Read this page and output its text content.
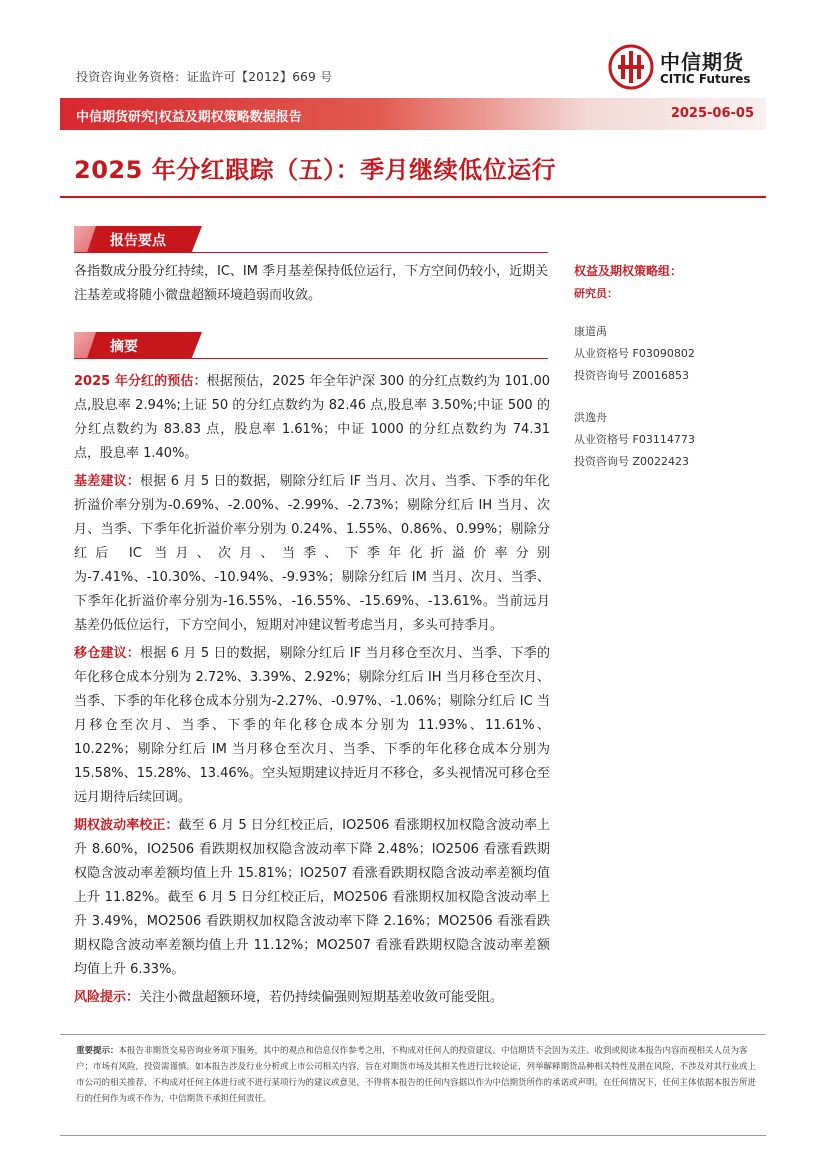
投资咨询业务资格：证监许可【2012】669 号
中信期货
CITIC Futures
中信期货研究|权益及期权策略数据报告	2025-06-05
2025 年分红跟踪（五）：季月继续低位运行
报告要点
各指数成分股分红持续，IC、IM 季月基差保持低位运行，下方空间仍较小，近期关注基差或将随小微盘超额环境趋弱而收敛。
摘要

2025 年分红的预估：根据预估，2025 年全年沪深 300 的分红点数约为 101.00 点,股息率 2.94%;上证 50 的分红点数约为 82.46 点,股息率 3.50%;中证 500 的分红点数约为 83.83 点，股息率 1.61%；中证 1000 的分红点数约为 74.31 点，股息率 1.40%。

基差建议：根据 6 月 5 日的数据，剔除分红后 IF 当月、次月、当季、下季的年化折溢价率分别为-0.69%、-2.00%、-2.99%、-2.73%；剔除分红后 IH 当月、次月、当季、下季年化折溢价率分别为 0.24%、1.55%、0.86%、0.99%；剔除分红后 IC 当月、次月、当季、下季年化折溢价率分别为-7.41%、-10.30%、-10.94%、-9.93%；剔除分红后 IM 当月、次月、当季、下季年化折溢价率分别为-16.55%、-16.55%、-15.69%、-13.61%。当前远月基差仍低位运行，下方空间小，短期对冲建议暂考虑当月，多头可持季月。

移仓建议：根据 6 月 5 日的数据，剔除分红后 IF 当月移仓至次月、当季、下季的年化移仓成本分别为 2.72%、3.39%、2.92%；剔除分红后 IH 当月移仓至次月、当季、下季的年化移仓成本分别为-2.27%、-0.97%、-1.06%；剔除分红后 IC 当月移仓至次月、当季、下季的年化移仓成本分别为 11.93%、11.61%、10.22%；剔除分红后 IM 当月移仓至次月、当季、下季的年化移仓成本分别为 15.58%、15.28%、13.46%。空头短期建议持近月不移仓，多头视情况可移仓至远月期待后续回调。

期权波动率校正：截至 6 月 5 日分红校正后，IO2506 看涨期权加权隐含波动率上升 8.60%，IO2506 看跌期权加权隐含波动率下降 2.48%；IO2506 看涨看跌期权隐含波动率差额均值上升 15.81%；IO2507 看涨看跌期权隐含波动率差额均值上升 11.82%。截至 6 月 5 日分红校正后，MO2506 看涨期权加权隐含波动率上升 3.49%，MO2506 看跌期权加权隐含波动率下降 2.16%；MO2506 看涨看跌期权隐含波动率差额均值上升 11.12%；MO2507 看涨看跌期权隐含波动率差额均值上升 6.33%。

风险提示：关注小微盘超额环境，若仍持续偏强则短期基差收敛可能受阻。

权益及期权策略组：
研究员：
康道禹
从业资格号 F03090802
投资咨询号 Z0016853
洪逸舟
从业资格号 F03114773
投资咨询号 Z0022423
重要提示：本报告非期货交易咨询业务项下服务，其中的观点和信息仅作参考之用，不构成对任何人的投资建议。中信期货不会因为关注、收到或阅读本报告内容而视相关人员为客户；市场有风险，投资需谨慎。如本报告涉及行业分析或上市公司相关内容，旨在对期货市场及其相关性进行比较论证，列举解释期货品种相关特性及潜在风险，不涉及对其行业或上市公司的相关推荐，不构成对任何主体进行或不进行某项行为的建议或意见，不得将本报告的任何内容据以作为中信期货所作的承诺或声明。在任何情况下，任何主体依据本报告所进行的任何作为或不作为，中信期货不承担任何责任。
